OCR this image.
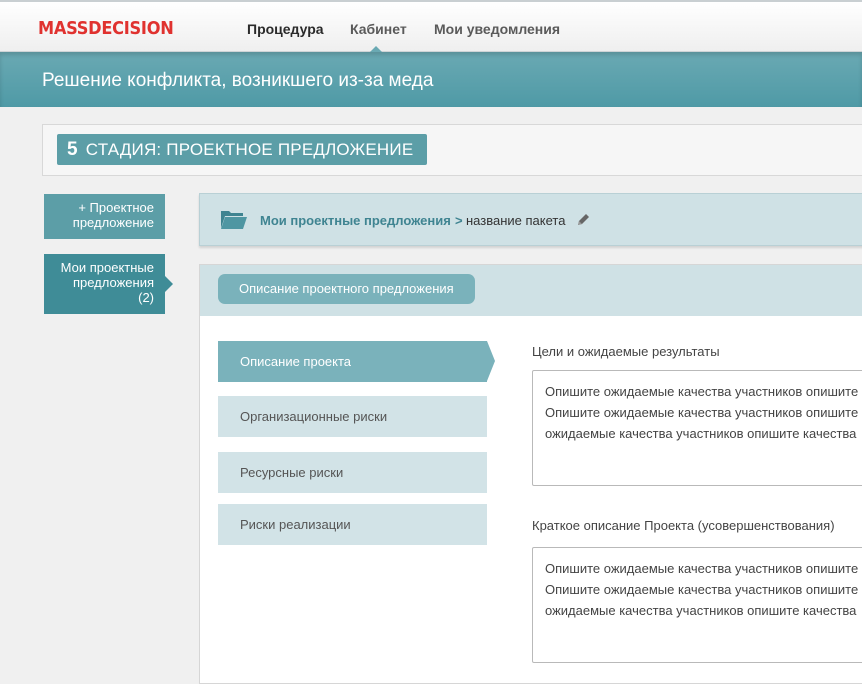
MASSDECISION	Процедура Кабинет Мои уведомления
Решение конфликта, возникшего из-за меда
5 СТАДИЯ: ПРОЕКТНОЕ ПРЕДЛОЖЕНИЕ
+ Проектное предложение
Мои проектные предложения
(2)
Мои проектные предложения > название пакета
Описание проектного предложения
Описание проекта
Организационные риски
Ресурсные риски
Риски реализации
Цели и ожидаемые результаты
Опишите ожидаемые качества участников опишите
Опишите ожидаемые качества участников опишите
ожидаемые качества участников опишите качества
Краткое описание Проекта (усовершенствования)
Опишите ожидаемые качества участников опишите
Опишите ожидаемые качества участников опишите
ожидаемые качества участников опишите качества
